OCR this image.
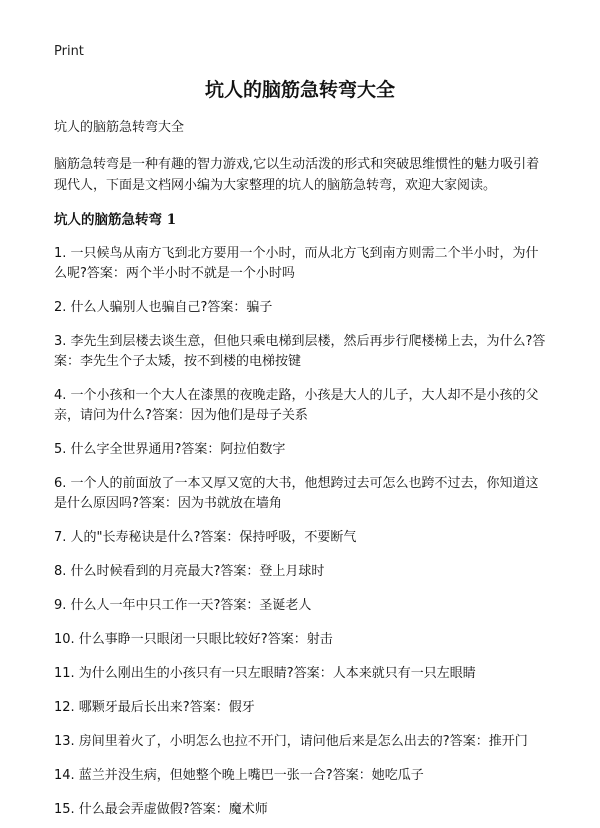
Print
坑人的脑筋急转弯大全
坑人的脑筋急转弯大全
脑筋急转弯是一种有趣的智力游戏,它以生动活泼的形式和突破思维惯性的魅力吸引着现代人，下面是文档网小编为大家整理的坑人的脑筋急转弯，欢迎大家阅读。
坑人的脑筋急转弯 1
1. 一只候鸟从南方飞到北方要用一个小时，而从北方飞到南方则需二个半小时，为什么呢?答案：两个半小时不就是一个小时吗
2. 什么人骗别人也骗自己?答案：骗子
3. 李先生到层楼去谈生意，但他只乘电梯到层楼，然后再步行爬楼梯上去，为什么?答案：李先生个子太矮，按不到楼的电梯按键
4. 一个小孩和一个大人在漆黑的夜晚走路，小孩是大人的儿子，大人却不是小孩的父亲，请问为什么?答案：因为他们是母子关系
5. 什么字全世界通用?答案：阿拉伯数字
6. 一个人的前面放了一本又厚又宽的大书，他想跨过去可怎么也跨不过去，你知道这是什么原因吗?答案：因为书就放在墙角
7. 人的"长寿秘诀是什么?答案：保持呼吸，不要断气
8. 什么时候看到的月亮最大?答案：登上月球时
9. 什么人一年中只工作一天?答案：圣诞老人
10. 什么事睁一只眼闭一只眼比较好?答案：射击
11. 为什么刚出生的小孩只有一只左眼睛?答案：人本来就只有一只左眼睛
12. 哪颗牙最后长出来?答案：假牙
13. 房间里着火了，小明怎么也拉不开门，请问他后来是怎么出去的?答案：推开门
14. 蓝兰并没生病，但她整个晚上嘴巴一张一合?答案：她吃瓜子
15. 什么最会弄虚做假?答案：魔术师
